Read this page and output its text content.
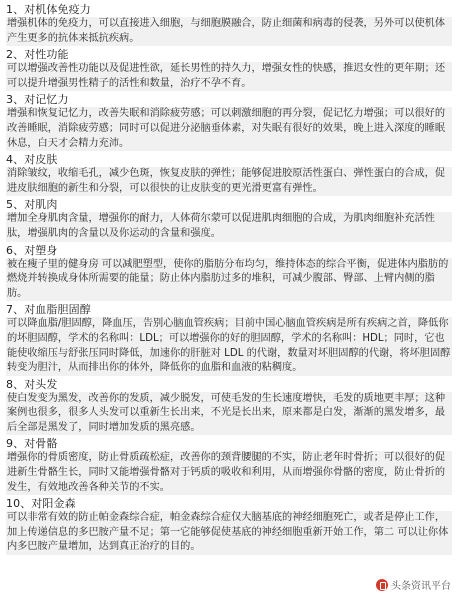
1、对机体免疫力
增强机体的免疫力，可以直接进入细胞，与细胞膜融合，防止细菌和病毒的侵袭，另外可以使机体产生更多的抗体来抵抗疾病。
2、对性功能
可以增强改善性功能以及促进性欲，延长男性的持久力，增强女性的快感，推迟女性的更年期；还可以提升增强男性精子的活性和数量，治疗不孕不育。
3、对记忆力
增强和恢复记忆力，改善失眠和消除疲劳感；可以刺激细胞的再分裂，促记忆力增强；可以很好的改善睡眠，消除疲劳感；同时可以促进分泌脑垂体素，对失眠有很好的效果，晚上进入深度的睡眠休息，白天才会精力充沛。
4、对皮肤
消除皱纹，收缩毛孔，减少色斑，恢复皮肤的弹性；能够促进胶原活性蛋白、弹性蛋白的合成，促进皮肤细胞的新生和分裂，可以很快的让皮肤变的更光滑更富有弹性。
5、对肌肉
增加全身肌肉含量，增强你的耐力，人体荷尔蒙可以促进肌肉细胞的合成，为肌肉细胞补充活性肽，增强肌肉的含量以及你运动的含量和强度。
6、对塑身
被在瘦子里的健身房 可以减肥塑型，使你的脂肪分布均匀，维持体态的综合平衡，促进体内脂肪的燃烧并转换成身体所需要的能量；防止体内脂肪过多的堆积，可减少腹部、臀部、上臂内侧的脂肪。
7、对血脂胆固醇
可以降血脂/胆固醇，降血压，告别心脑血管疾病；目前中国心脑血管疾病是所有疾病之首，降低你的坏胆固醇，学术的名称叫：LDL；可以增强你的好的胆固醇，学术的名称叫：HDL；同时，它也能使收缩压与舒张压同时降低，加速你的肝脏对 LDL 的代谢，数量对坏胆固醇的代谢，将坏胆固醇转变为胆汁，从而排出你的体外，降低你的血脂和血液的粘稠度。
8、对头发
使白发变为黑发，改善你的发质，减少脱发，可使毛发的生长速度增快，毛发的质地更丰厚；这种案例也很多，很多人头发可以重新生长出来，不光是长出来，原来都是白发，渐渐的黑发增多，最后全部是黑发了，同时增加发质的黑亮感。
9、对骨骼
增强你的骨质密度，防止骨质疏松症，改善你的颈背腰腿的不实，防止老年时骨折；可以很好的促进新生骨骼生长，同时又能增强骨骼对于钙质的吸收和利用，从而增强你骨骼的密度，防止骨折的发生，有效地改善各种关节的不实。
10、对阳金森
可以非常有效的防止帕金森综合症，帕金森综合症仅大脑基底的神经细胞死亡，或者是停止工作，加上传递信息的多巴胺产量不足；第一它能够促使基底的神经细胞重新开始工作，第二 可以让你体内多巴胺产量增加，达到真正治疗的目的。
头条资讯平台
